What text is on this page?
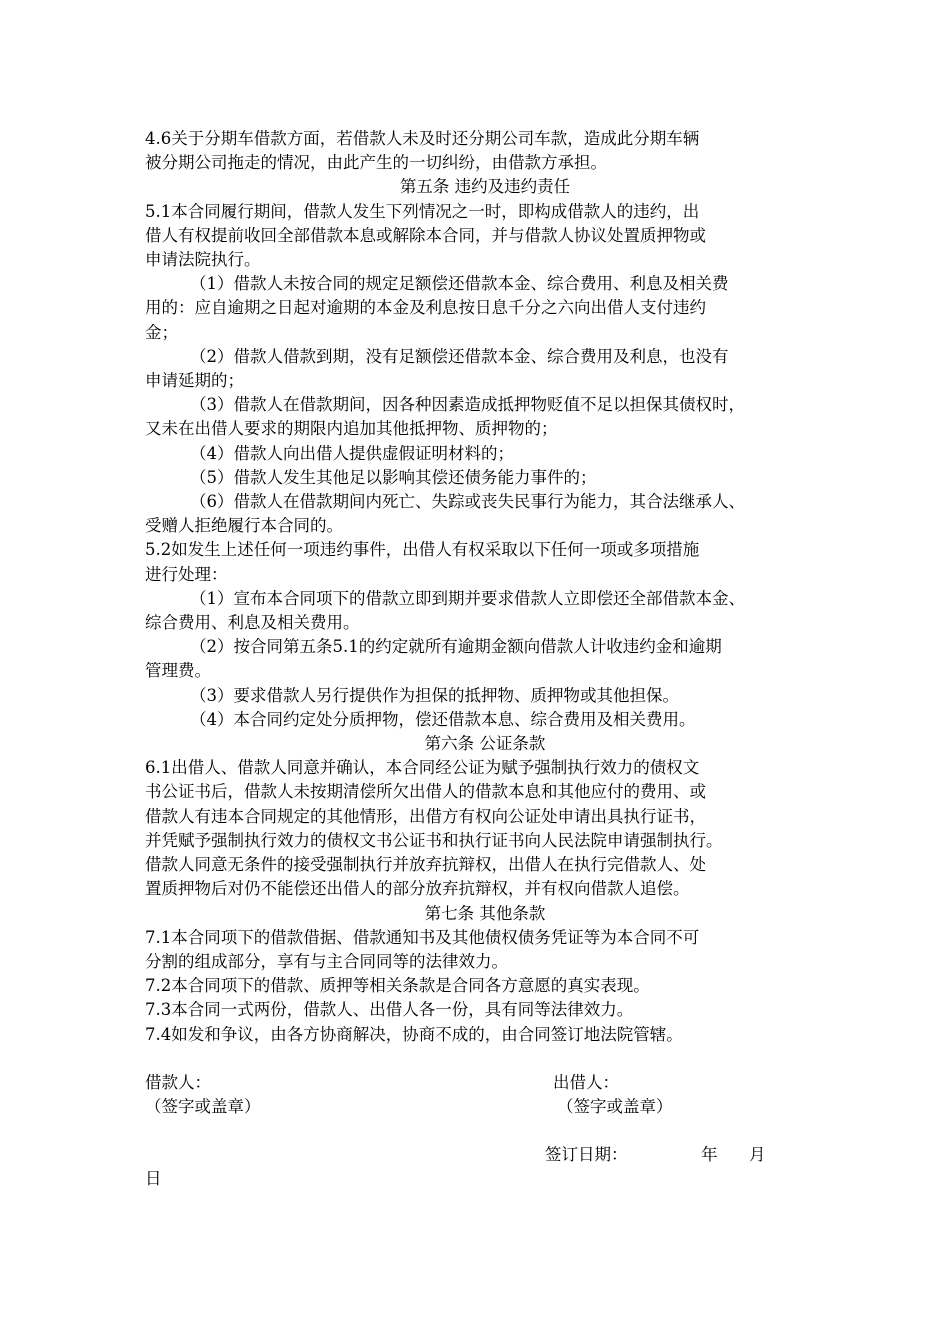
4.6关于分期车借款方面，若借款人未及时还分期公司车款，造成此分期车辆

被分期公司拖走的情况，由此产生的一切纠纷，由借款方承担。

第五条 违约及违约责任

5.1本合同履行期间，借款人发生下列情况之一时，即构成借款人的违约，出

借人有权提前收回全部借款本息或解除本合同，并与借款人协议处置质押物或

申请法院执行。

（1）借款人未按合同的规定足额偿还借款本金、综合费用、利息及相关费

用的：应自逾期之日起对逾期的本金及利息按日息千分之六向出借人支付违约

金；

（2）借款人借款到期，没有足额偿还借款本金、综合费用及利息，也没有

申请延期的；

（3）借款人在借款期间，因各种因素造成抵押物贬值不足以担保其债权时，

又未在出借人要求的期限内追加其他抵押物、质押物的；

（4）借款人向出借人提供虚假证明材料的；

（5）借款人发生其他足以影响其偿还债务能力事件的；

（6）借款人在借款期间内死亡、失踪或丧失民事行为能力，其合法继承人、

受赠人拒绝履行本合同的。

5.2如发生上述任何一项违约事件，出借人有权采取以下任何一项或多项措施

进行处理：

（1）宣布本合同项下的借款立即到期并要求借款人立即偿还全部借款本金、

综合费用、利息及相关费用。

（2）按合同第五条5.1的约定就所有逾期金额向借款人计收违约金和逾期

管理费。

（3）要求借款人另行提供作为担保的抵押物、质押物或其他担保。

（4）本合同约定处分质押物，偿还借款本息、综合费用及相关费用。

第六条 公证条款

6.1出借人、借款人同意并确认，本合同经公证为赋予强制执行效力的债权文

书公证书后，借款人未按期清偿所欠出借人的借款本息和其他应付的费用、或

借款人有违本合同规定的其他情形，出借方有权向公证处申请出具执行证书，

并凭赋予强制执行效力的债权文书公证书和执行证书向人民法院申请强制执行。

借款人同意无条件的接受强制执行并放弃抗辩权，出借人在执行完借款人、处

置质押物后对仍不能偿还出借人的部分放弃抗辩权，并有权向借款人追偿。

第七条 其他条款

7.1本合同项下的借款借据、借款通知书及其他债权债务凭证等为本合同不可

分割的组成部分，享有与主合同同等的法律效力。

7.2本合同项下的借款、质押等相关条款是合同各方意愿的真实表现。

7.3本合同一式两份，借款人、出借人各一份，具有同等法律效力。

7.4如发和争议，由各方协商解决，协商不成的，由合同签订地法院管辖。

借款人：	出借人：
（签字或盖章）	（签字或盖章）
签订日期：	年 月

日
